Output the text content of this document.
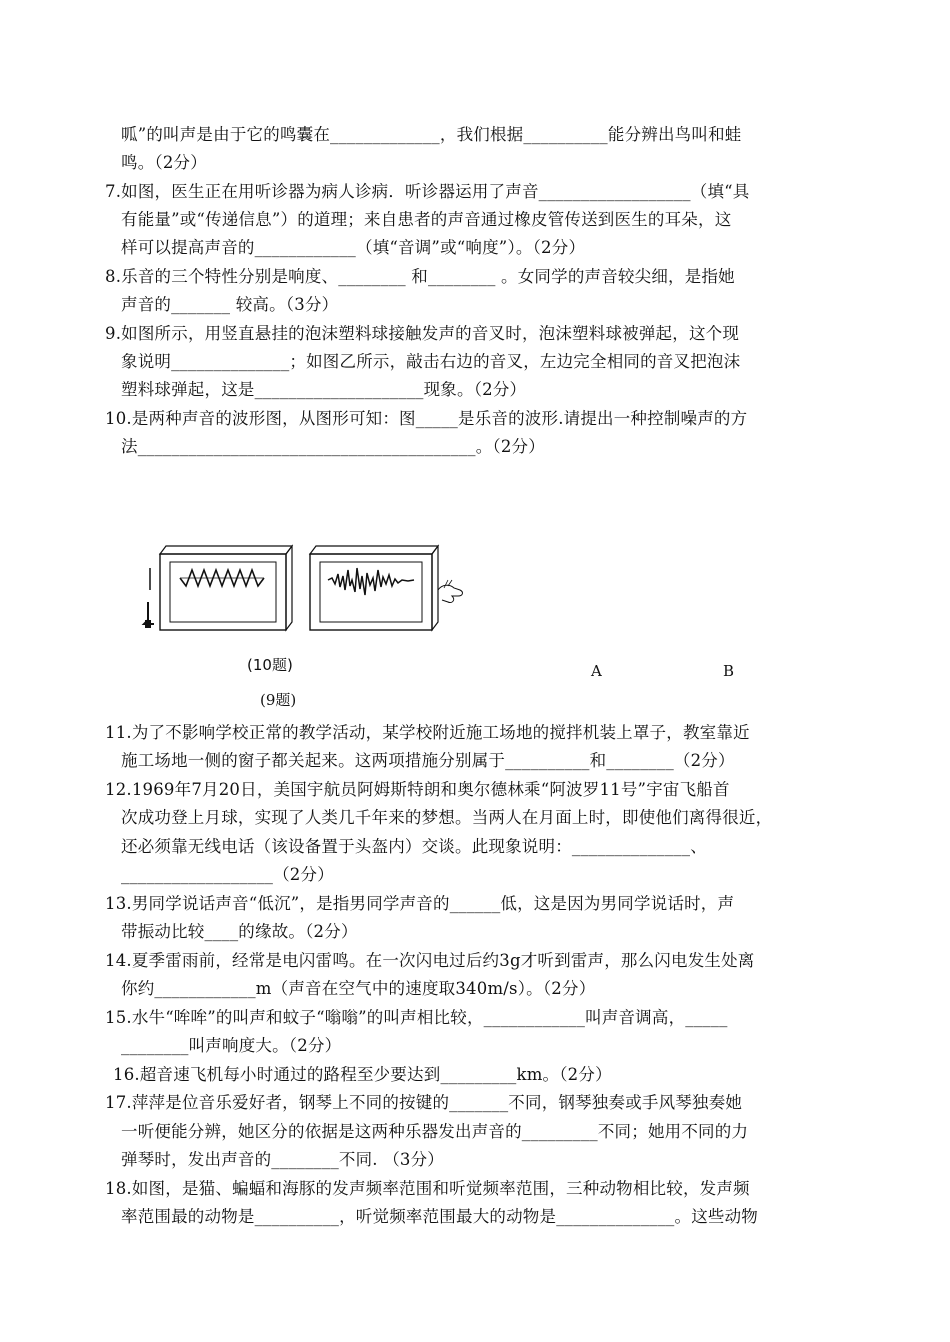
呱”的叫声是由于它的鸣囊在_____________，我们根据__________能分辨出鸟叫和蛙
鸣。（2分）
7.如图，医生正在用听诊器为病人诊病．听诊器运用了声音__________________（填“具
有能量”或“传递信息”）的道理；来自患者的声音通过橡皮管传送到医生的耳朵，这
样可以提高声音的____________（填“音调”或“响度”）。（2分）
8.乐音的三个特性分别是响度、________ 和________ 。女同学的声音较尖细，是指她
声音的_______ 较高。（3分）
9.如图所示，用竖直悬挂的泡沫塑料球接触发声的音叉时，泡沫塑料球被弹起，这个现
象说明______________；如图乙所示，敲击右边的音叉，左边完全相同的音叉把泡沫
塑料球弹起，这是____________________现象。（2分）
10.是两种声音的波形图，从图形可知：图_____是乐音的波形.请提出一种控制噪声的方
法________________________________________。（2分）
(10题)	A	B
(9题)
11.为了不影响学校正常的教学活动，某学校附近施工场地的搅拌机装上罩子，教室靠近
施工场地一侧的窗子都关起来。这两项措施分别属于__________和________（2分）
12.1969年7月20日，美国宇航员阿姆斯特朗和奥尔德林乘“阿波罗11号”宇宙飞船首
次成功登上月球，实现了人类几千年来的梦想。当两人在月面上时，即使他们离得很近，
还必须靠无线电话（该设备置于头盔内）交谈。此现象说明：______________、
__________________（2分）
13.男同学说话声音“低沉”，是指男同学声音的______低，这是因为男同学说话时，声
带振动比较____的缘故。（2分）
14.夏季雷雨前，经常是电闪雷鸣。在一次闪电过后约3g才听到雷声，那么闪电发生处离
你约____________m（声音在空气中的速度取340m/s）。（2分）
15.水牛“哞哞”的叫声和蚊子“嗡嗡”的叫声相比较，____________叫声音调高，_____
________叫声响度大。（2分）
16.超音速飞机每小时通过的路程至少要达到_________km。（2分）
17.萍萍是位音乐爱好者，钢琴上不同的按键的_______不同，钢琴独奏或手风琴独奏她
一听便能分辨，她区分的依据是这两种乐器发出声音的_________不同；她用不同的力
弹琴时，发出声音的________不同. （3分）
18.如图，是猫、蝙蝠和海豚的发声频率范围和听觉频率范围，三种动物相比较，发声频
率范围最的动物是__________，听觉频率范围最大的动物是______________。这些动物
